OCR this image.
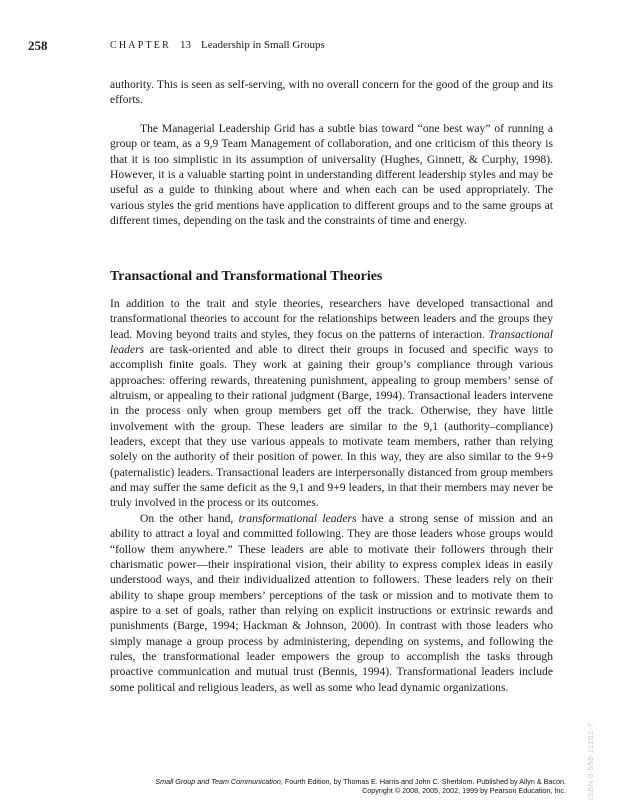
258	CHAPTER 13 Leadership in Small Groups

authority. This is seen as self-serving, with no overall concern for the good of the group and its efforts.

The Managerial Leadership Grid has a subtle bias toward “one best way” of running a group or team, as a 9,9 Team Management of collaboration, and one criticism of this theory is that it is too simplistic in its assumption of universality (Hughes, Ginnett, & Curphy, 1998). However, it is a valuable starting point in understanding different leadership styles and may be useful as a guide to thinking about where and when each can be used appropriately. The various styles the grid mentions have application to different groups and to the same groups at different times, depending on the task and the constraints of time and energy.

Transactional and Transformational Theories

In addition to the trait and style theories, researchers have developed transactional and transformational theories to account for the relationships between leaders and the groups they lead. Moving beyond traits and styles, they focus on the patterns of interaction. Transactional leaders are task-oriented and able to direct their groups in focused and specific ways to accomplish finite goals. They work at gaining their group’s compliance through various approaches: offering rewards, threatening punishment, appealing to group members’ sense of altruism, or appealing to their rational judgment (Barge, 1994). Transactional leaders intervene in the process only when group members get off the track. Otherwise, they have little involvement with the group. These leaders are similar to the 9,1 (authority–compliance) leaders, except that they use various appeals to motivate team members, rather than relying solely on the authority of their position of power. In this way, they are also similar to the 9+9 (paternalistic) leaders. Transactional leaders are interpersonally distanced from group members and may suffer the same deficit as the 9,1 and 9+9 leaders, in that their members may never be truly involved in the process or its outcomes.

On the other hand, transformational leaders have a strong sense of mission and an ability to attract a loyal and committed following. They are those leaders whose groups would “follow them anywhere.” These leaders are able to motivate their followers through their charismatic power—their inspirational vision, their ability to express complex ideas in easily understood ways, and their individualized attention to followers. These leaders rely on their ability to shape group members’ perceptions of the task or mission and to motivate them to aspire to a set of goals, rather than relying on explicit instructions or extrinsic rewards and punishments (Barge, 1994; Hackman & Johnson, 2000). In contrast with those leaders who simply manage a group process by administering, depending on systems, and following the rules, the transformational leader empowers the group to accomplish the tasks through proactive communication and mutual trust (Bennis, 1994). Transformational leaders include some political and religious leaders, as well as some who lead dynamic organizations.

ISBN 0-558-11202-7
Small Group and Team Communication, Fourth Edition, by Thomas E. Harris and John C. Sherblom. Published by Allyn & Bacon.
Copyright © 2008, 2005, 2002, 1999 by Pearson Education, Inc.
